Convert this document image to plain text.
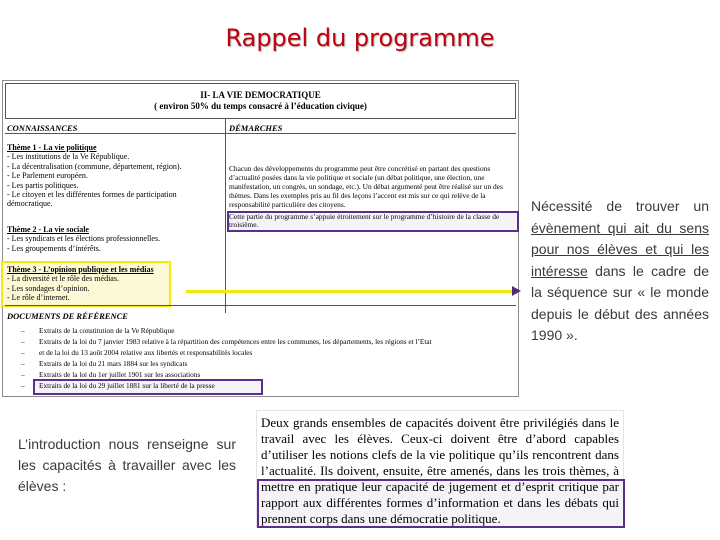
Rappel du programme
II- LA VIE DEMOCRATIQUE
( environ 50% du temps consacré à l’éducation civique)
CONNAISSANCES	DÉMARCHES
Thème 1 - La vie politique
- Les institutions de la Ve République.
- La décentralisation (commune, département, région).
- Le Parlement européen.
- Les partis politiques.
- Le citoyen et les différentes formes de participation démocratique.
Thème 2 - La vie sociale
- Les syndicats et les élections professionnelles.
- Les groupements d’intérêts.
Thème 3 - L’opinion publique et les médias
- La diversité et le rôle des médias.
- Les sondages d’opinion.
- Le rôle d’internet.
Chacun des développements du programme peut être concrétisé en partant des questions d’actualité posées dans la vie politique et sociale (un débat politique, une élection, une manifestation, un congrès, un sondage, etc.). Un débat argumenté peut être réalisé sur un des thèmes. Dans les exemples pris au fil des leçons l’accent est mis sur ce qui relève de la responsabilité particulière des citoyens.
Cette partie du programme s’appuie étroitement sur le programme d’histoire de la classe de troisième.
DOCUMENTS DE RÉFÉRENCE
– Extraits de la constitution de la Ve République
– Extraits de la loi du 7 janvier 1983 relative à la répartition des compétences entre les communes, les départements, les régions et l’Etat
– et de la loi du 13 août 2004 relative aux libertés et responsabilités locales
– Extraits de la loi du 21 mars 1884 sur les syndicats
– Extraits de la loi du 1er juillet 1901 sur les associations
– Extraits de la loi du 29 juillet 1881 sur la liberté de la presse
Nécessité de trouver un évènement qui ait du sens pour nos élèves et qui les intéresse dans le cadre de la séquence sur « le monde depuis le début des années 1990 ».
L’introduction nous renseigne sur les capacités à travailler avec les élèves :
Deux grands ensembles de capacités doivent être privilégiés dans le travail avec les élèves. Ceux-ci doivent être d’abord capables d’utiliser les notions clefs de la vie politique qu’ils rencontrent dans l’actualité. Ils doivent, ensuite, être amenés, dans les trois thèmes, à mettre en pratique leur capacité de jugement et d’esprit critique par rapport aux différentes formes d’information et dans les débats qui prennent corps dans une démocratie politique.
